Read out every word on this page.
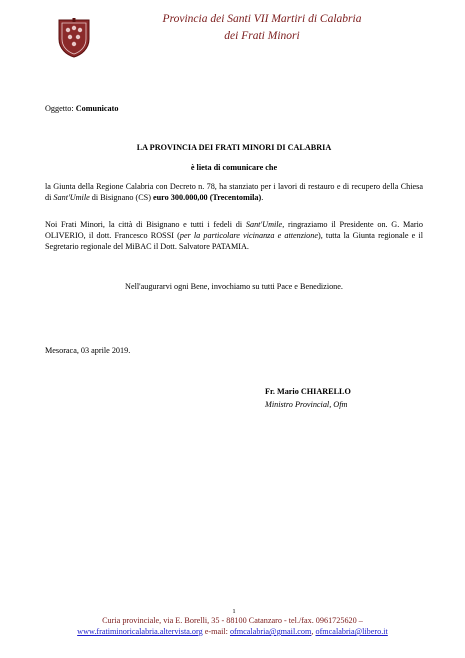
Provincia dei Santi VII Martiri di Calabria
dei Frati Minori
Oggetto: Comunicato
LA PROVINCIA DEI FRATI MINORI DI CALABRIA
è lieta di comunicare che
la Giunta della Regione Calabria con Decreto n. 78, ha stanziato per i lavori di restauro e di recupero della Chiesa di Sant'Umile di Bisignano (CS) euro 300.000,00 (Trecentomila).
Noi Frati Minori, la città di Bisignano e tutti i fedeli di Sant'Umile, ringraziamo il Presidente on. G. Mario OLIVERIO, il dott. Francesco ROSSI (per la particolare vicinanza e attenzione), tutta la Giunta regionale e il Segretario regionale del MiBAC il Dott. Salvatore PATAMIA.
Nell'augurarvi ogni Bene, invochiamo su tutti Pace e Benedizione.
Mesoraca, 03 aprile 2019.
Fr. Mario CHIARELLO
Ministro Provincial, Ofm
1
Curia provinciale, via E. Borelli, 35 - 88100 Catanzaro - tel./fax. 0961725620 –
www.fratiminoricalabria.altervista.org e-mail: ofmcalabria@gmail.com, ofmcalabria@libero.it
